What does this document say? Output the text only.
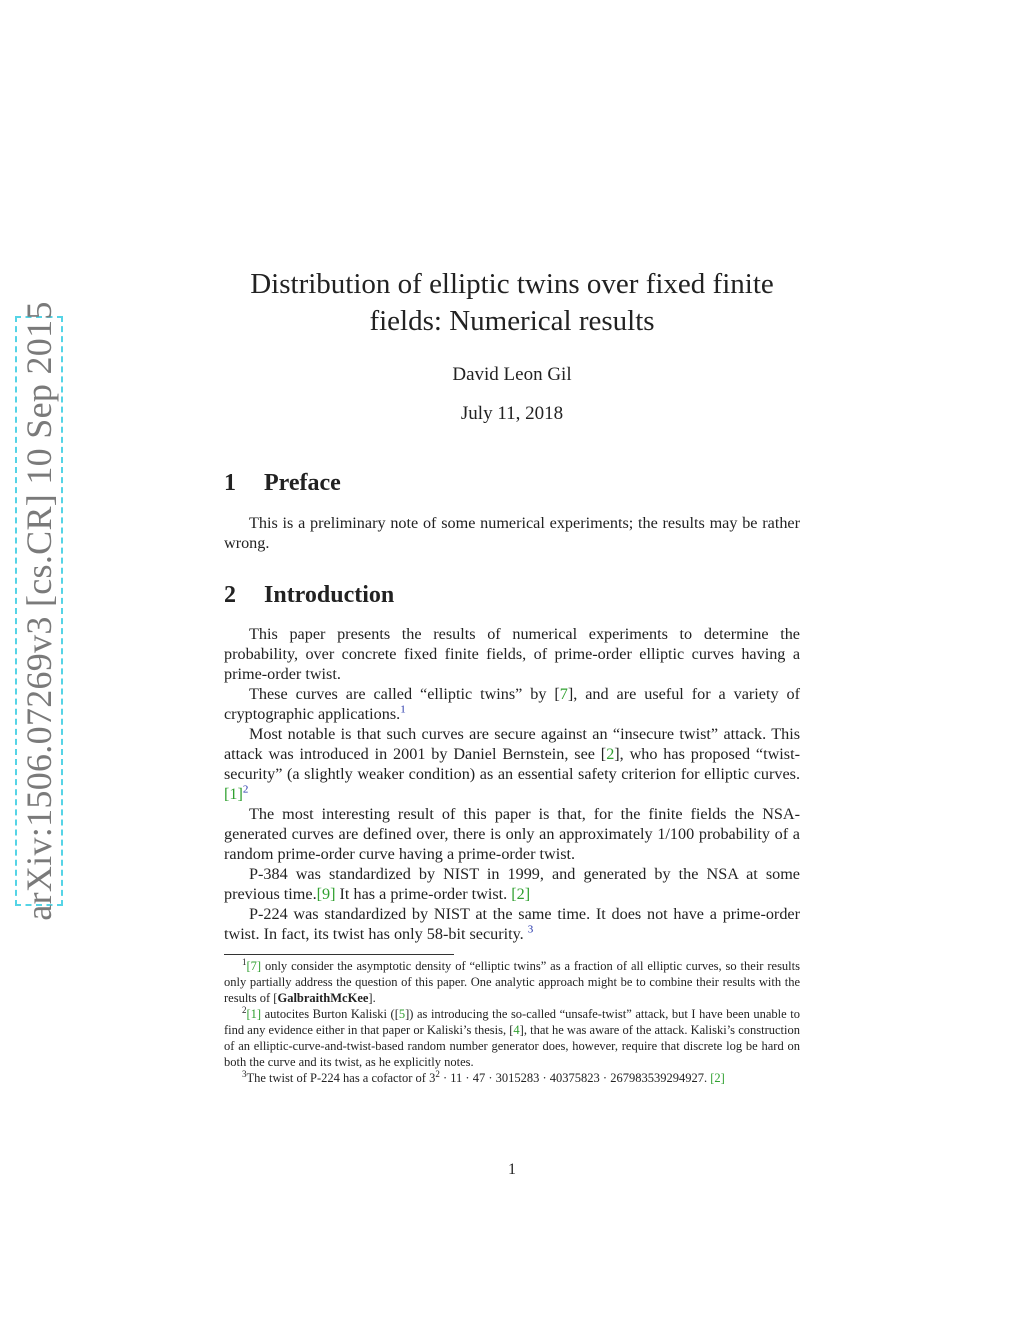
arXiv:1506.07269v3 [cs.CR] 10 Sep 2015
Distribution of elliptic twins over fixed finite
fields: Numerical results
David Leon Gil
July 11, 2018
1 Preface

This is a preliminary note of some numerical experiments; the results may be rather wrong.

2 Introduction

This paper presents the results of numerical experiments to determine the probability, over concrete fixed finite fields, of prime-order elliptic curves having a prime-order twist.

These curves are called “elliptic twins” by [7], and are useful for a variety of cryptographic applications.$^1$

Most notable is that such curves are secure against an “insecure twist” attack. This attack was introduced in 2001 by Daniel Bernstein, see [2], who has proposed “twist-security” (a slightly weaker condition) as an essential safety criterion for elliptic curves. [1]$^2$

The most interesting result of this paper is that, for the finite fields the NSA-generated curves are defined over, there is only an approximately 1/100 probability of a random prime-order curve having a prime-order twist.

P-384 was standardized by NIST in 1999, and generated by the NSA at some previous time.[9] It has a prime-order twist. [2]

P-224 was standardized by NIST at the same time. It does not have a prime-order twist. In fact, its twist has only 58-bit security. $^3$

$^1$[7] only consider the asymptotic density of “elliptic twins” as a fraction of all elliptic curves, so their results only partially address the question of this paper. One analytic approach might be to combine their results with the results of [GalbraithMcKee].

$^2$[1] autocites Burton Kaliski ([5]) as introducing the so-called “unsafe-twist” attack, but I have been unable to find any evidence either in that paper or Kaliski’s thesis, [4], that he was aware of the attack. Kaliski’s construction of an elliptic-curve-and-twist-based random number generator does, however, require that discrete log be hard on both the curve and its twist, as he explicitly notes.

$^3$The twist of P-224 has a cofactor of $3^2 \cdot 11 \cdot 47 \cdot 3015283 \cdot 40375823 \cdot 267983539294927$. [2]

1
